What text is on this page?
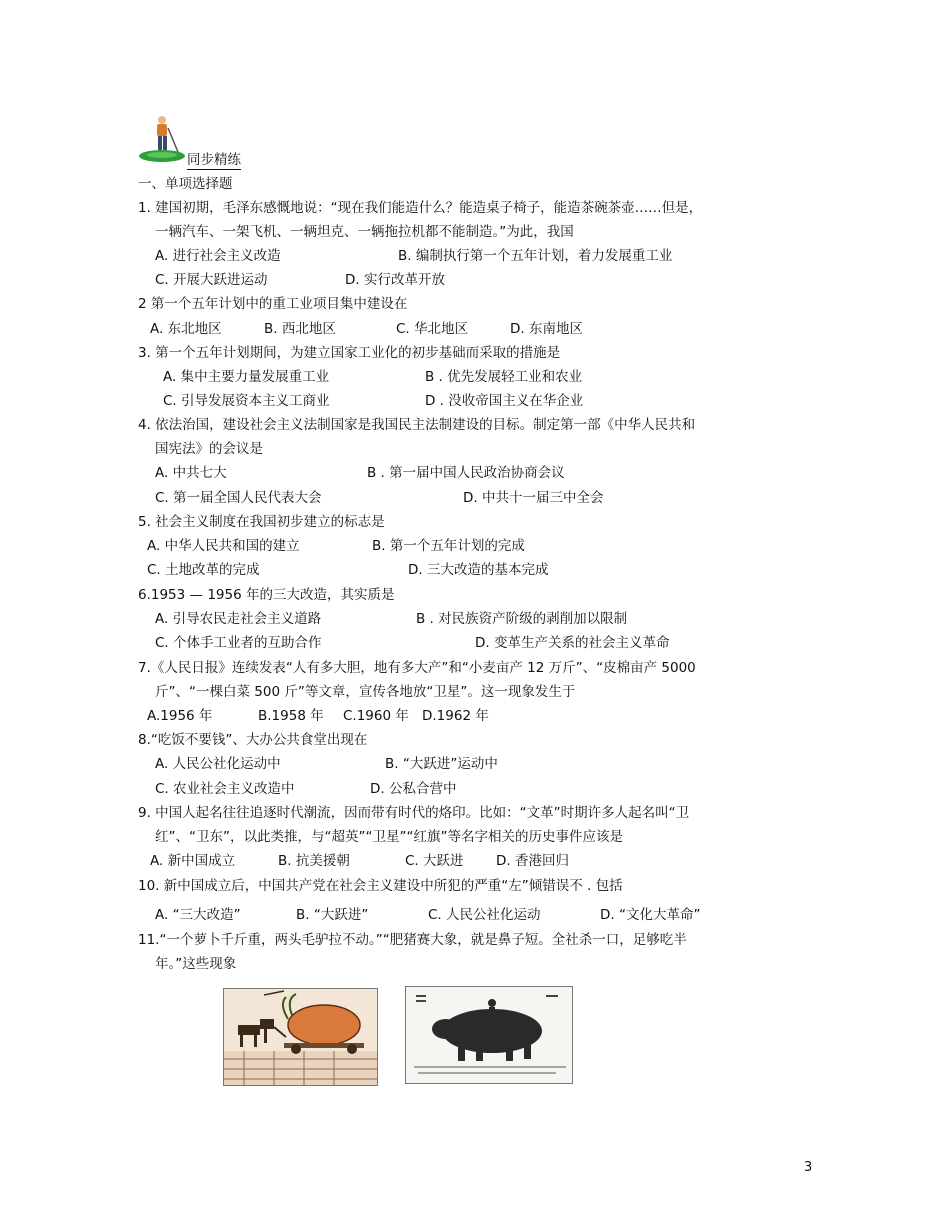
同步精练
一、单项选择题
1. 建国初期，毛泽东感慨地说：“现在我们能造什么？能造桌子椅子，能造茶碗茶壶……但是，
一辆汽车、一架飞机、一辆坦克、一辆拖拉机都不能制造。”为此，我国
A. 进行社会主义改造	B. 编制执行第一个五年计划，着力发展重工业
C. 开展大跃进运动	D. 实行改革开放
2 第一个五年计划中的重工业项目集中建设在
A. 东北地区	B. 西北地区	C. 华北地区	D. 东南地区
3. 第一个五年计划期间，为建立国家工业化的初步基础而采取的措施是
A. 集中主要力量发展重工业	B . 优先发展轻工业和农业
C. 引导发展资本主义工商业	D . 没收帝国主义在华企业
4. 依法治国，建设社会主义法制国家是我国民主法制建设的目标。制定第一部《中华人民共和
国宪法》的会议是
A. 中共七大	B . 第一届中国人民政治协商会议
C. 第一届全国人民代表大会	D. 中共十一届三中全会
5. 社会主义制度在我国初步建立的标志是
A. 中华人民共和国的建立	B. 第一个五年计划的完成
C. 土地改革的完成	D. 三大改造的基本完成
6.1953 — 1956 年的三大改造，其实质是
A. 引导农民走社会主义道路	B . 对民族资产阶级的剥削加以限制
C. 个体手工业者的互助合作	D. 变革生产关系的社会主义革命
7.《人民日报》连续发表“人有多大胆，地有多大产”和“小麦亩产 12 万斤”、“皮棉亩产 5000
斤”、“一棵白菜 500 斤”等文章，宣传各地放“卫星”。这一现象发生于
A.1956 年	B.1958 年 C.1960 年 D.1962 年
8.“吃饭不要钱”、大办公共食堂出现在
A. 人民公社化运动中	B. “大跃进”运动中
C. 农业社会主义改造中	D. 公私合营中
9. 中国人起名往往追逐时代潮流，因而带有时代的烙印。比如：“文革”时期许多人起名叫“卫
红”、“卫东”，以此类推，与“超英”“卫星”“红旗”等名字相关的历史事件应该是
A. 新中国成立	B. 抗美援朝	C. 大跃进 D. 香港回归
10. 新中国成立后，中国共产党在社会主义建设中所犯的严重“左”倾错误不 . 包括
A. “三大改造”	B. “大跃进”	C. 人民公社化运动	D. “文化大革命”
11.“一个萝卜千斤重，两头毛驴拉不动。”“肥猪赛大象，就是鼻子短。全社杀一口，足够吃半
年。”这些现象
3
